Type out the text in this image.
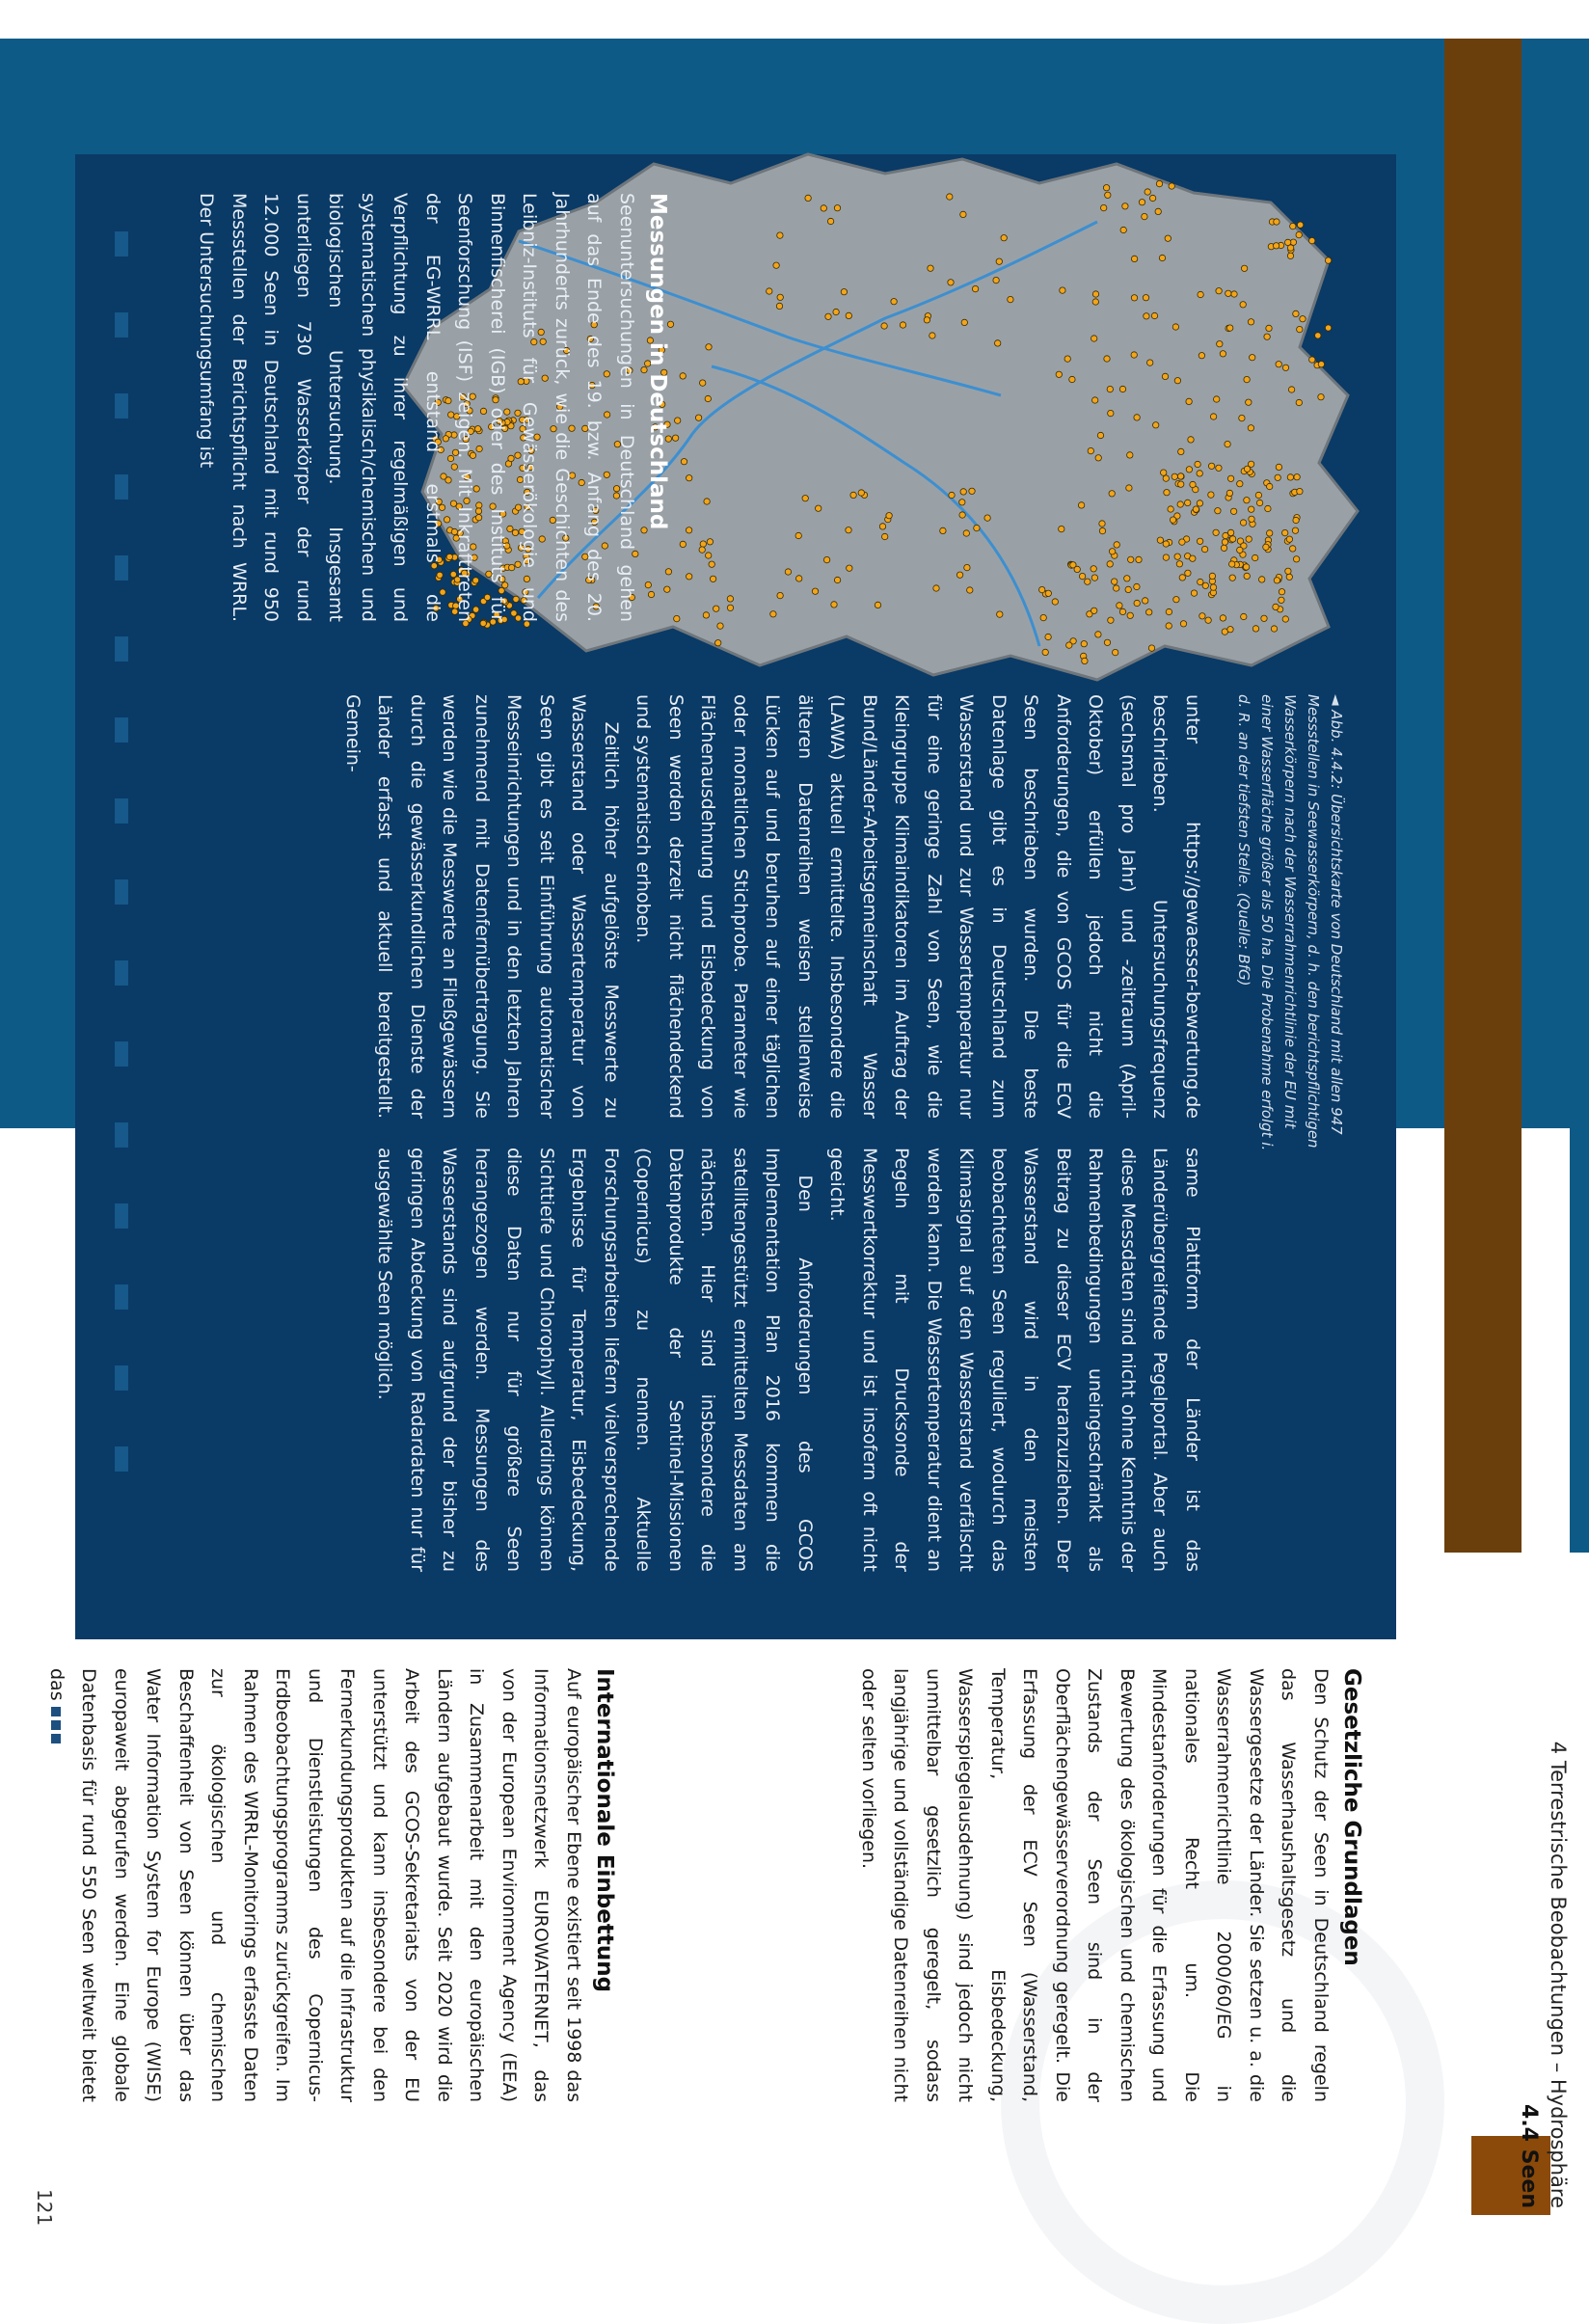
4 Terrestrische Beobachtungen – Hydrosphäre
4.4 Seen
◄ Abb. 4.4.2: Übersichtskarte von Deutschland mit allen 947 Messstellen in Seewasserkörpern, d. h. den berichtspflichtigen Wasserkörpern nach der Wasserrahmenrichtlinie der EU mit einer Wasserfläche größer als 50 ha. Die Probenahme erfolgt i. d. R. an der tiefsten Stelle. (Quelle: BfG)
Messungen in Deutschland

Seenuntersuchungen in Deutschland gehen auf das Ende des 19. bzw. Anfang des 20. Jahrhunderts zurück, wie die Geschichten des Leibniz-Instituts für Gewässerökologie und Binnenfischerei (IGB) oder des Instituts für Seenforschung (ISF) zeigen. Mit Inkrafttreten der EG-WRRL entstand erstmals die Verpflichtung zu ihrer regelmäßigen und systematischen physikalisch/chemischen und biologischen Untersuchung. Insgesamt unterliegen 730 Wasserkörper der rund 12.000 Seen in Deutschland mit rund 950 Messstellen der Berichtspflicht nach WRRL. Der Untersuchungsumfang ist

unter https://gewaesser-bewertung.de beschrieben. Untersuchungsfrequenz (sechsmal pro Jahr) und -zeitraum (April-Oktober) erfüllen jedoch nicht die Anforderungen, die von GCOS für die ECV Seen beschrieben wurden. Die beste Datenlage gibt es in Deutschland zum Wasserstand und zur Wassertemperatur nur für eine geringe Zahl von Seen, wie die Kleingruppe Klimaindikatoren im Auftrag der Bund/Länder-Arbeitsgemeinschaft Wasser (LAWA) aktuell ermittelte. Insbesondere die älteren Datenreihen weisen stellenweise Lücken auf und beruhen auf einer täglichen oder monatlichen Stichprobe. Parameter wie Flächenausdehnung und Eisbedeckung von Seen werden derzeit nicht flächendeckend und systematisch erhoben.

Zeitlich höher aufgelöste Messwerte zu Wasserstand oder Wassertemperatur von Seen gibt es seit Einführung automatischer Messeinrichtungen und in den letzten Jahren zunehmend mit Datenfernübertragung. Sie werden wie die Messwerte an Fließgewässern durch die gewässerkundlichen Dienste der Länder erfasst und aktuell bereitgestellt. Gemein-

same Plattform der Länder ist das Länderübergreifende Pegelportal. Aber auch diese Messdaten sind nicht ohne Kenntnis der Rahmenbedingungen uneingeschränkt als Beitrag zu dieser ECV heranzuziehen. Der Wasserstand wird in den meisten beobachteten Seen reguliert, wodurch das Klimasignal auf den Wasserstand verfälscht werden kann. Die Wassertemperatur dient an Pegeln mit Drucksonde der Messwertkorrektur und ist insofern oft nicht geeicht.

Den Anforderungen des GCOS Implementation Plan 2016 kommen die satellitengestützt ermittelten Messdaten am nächsten. Hier sind insbesondere die Datenprodukte der Sentinel-Missionen (Copernicus) zu nennen. Aktuelle Forschungsarbeiten liefern vielversprechende Ergebnisse für Temperatur, Eisbedeckung, Sichttiefe und Chlorophyll. Allerdings können diese Daten nur für größere Seen herangezogen werden. Messungen des Wasserstands sind aufgrund der bisher zu geringen Abdeckung von Radardaten nur für ausgewählte Seen möglich.

Gesetzliche Grundlagen

Den Schutz der Seen in Deutschland regeln das Wasserhaushaltsgesetz und die Wassergesetze der Länder. Sie setzen u. a. die Wasserrahmenrichtlinie 2000/60/EG in nationales Recht um. Die Mindestanforderungen für die Erfassung und Bewertung des ökologischen und chemischen Zustands der Seen sind in der Oberflächengewässerverordnung geregelt. Die Erfassung der ECV Seen (Wasserstand, Temperatur, Eisbedeckung, Wasserspiegelausdehnung) sind jedoch nicht unmittelbar gesetzlich geregelt, sodass langjährige und vollständige Datenreihen nicht oder selten vorliegen.

Internationale Einbettung

Auf europäischer Ebene existiert seit 1998 das Informationsnetzwerk EUROWATERNET, das von der European Environment Agency (EEA) in Zusammenarbeit mit den europäischen Ländern aufgebaut wurde. Seit 2020 wird die Arbeit des GCOS-Sekretariats von der EU unterstützt und kann insbesondere bei den Fernerkundungsprodukten auf die Infrastruktur und Dienstleistungen des Copernicus-Erdbeobachtungsprogramms zurückgreifen. Im Rahmen des WRRL-Monitorings erfasste Daten zur ökologischen und chemischen Beschaffenheit von Seen können über das Water Information System for Europe (WISE) europaweit abgerufen werden. Eine globale Datenbasis für rund 550 Seen weltweit bietet das

121
